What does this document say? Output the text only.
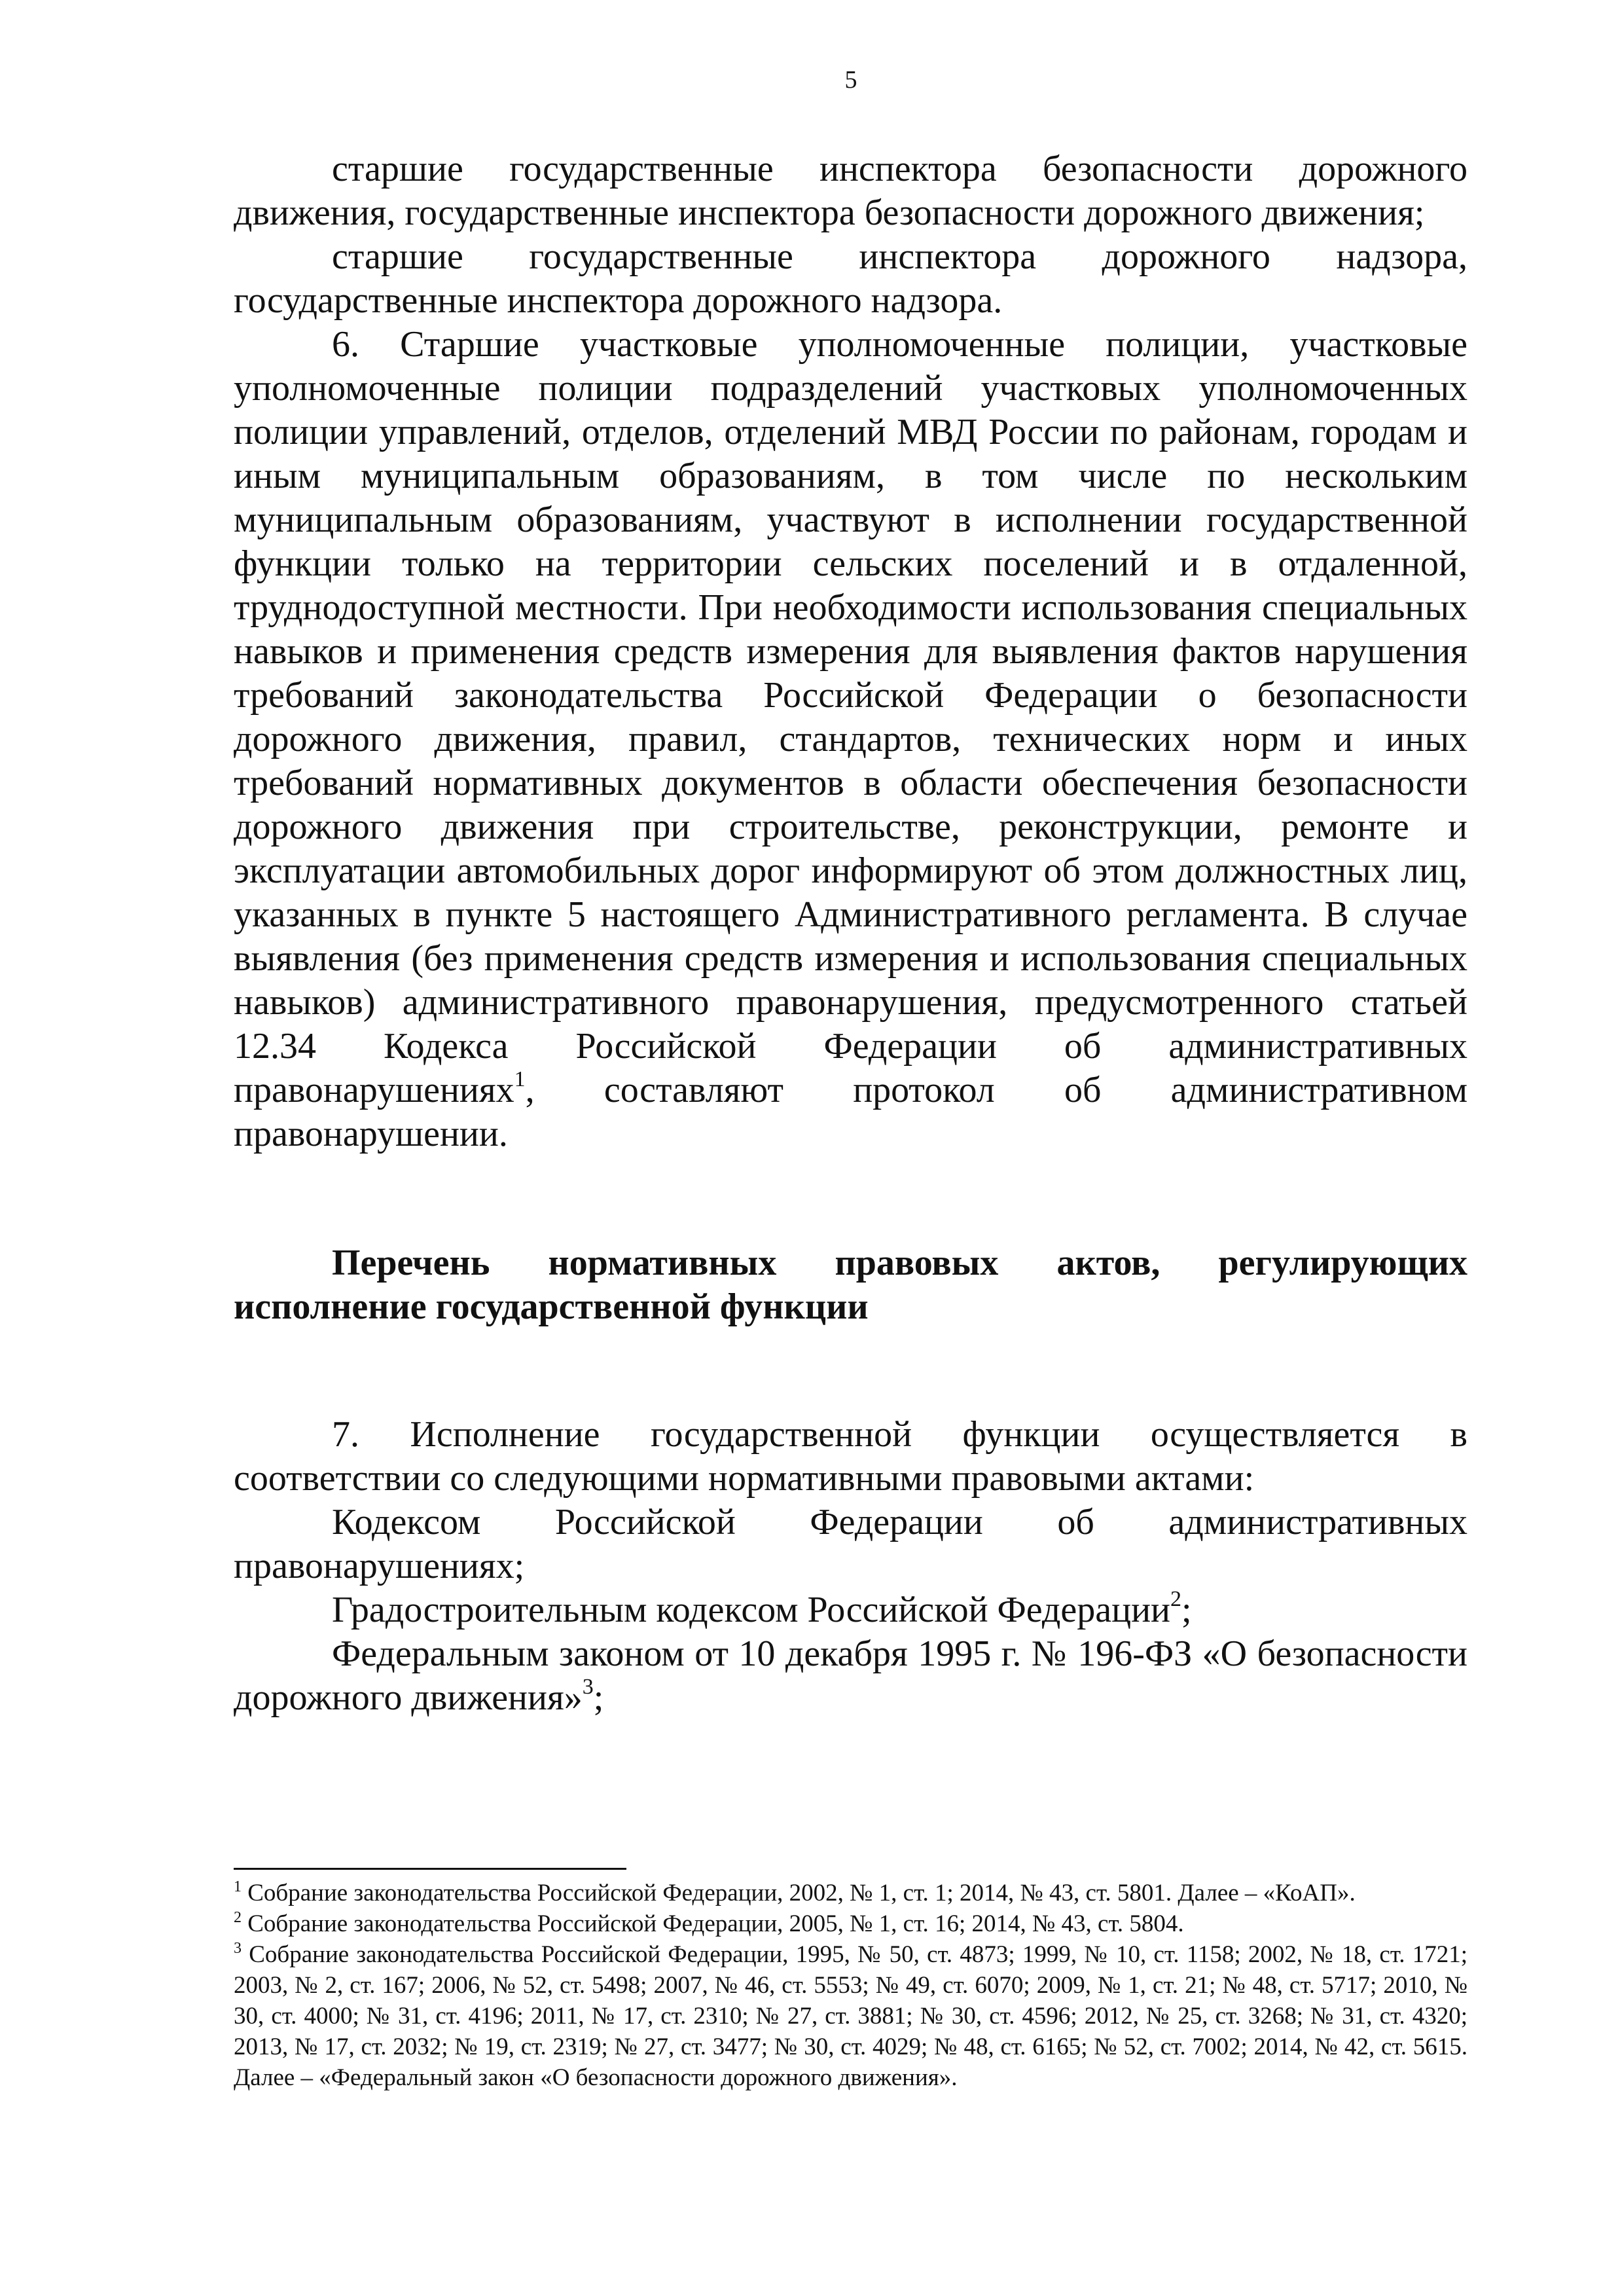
5

старшие государственные инспектора безопасности дорожного движения, государственные инспектора безопасности дорожного движения;

старшие государственные инспектора дорожного надзора, государственные инспектора дорожного надзора.

6. Старшие участковые уполномоченные полиции, участковые уполномоченные полиции подразделений участковых уполномоченных полиции управлений, отделов, отделений МВД России по районам, городам и иным муниципальным образованиям, в том числе по нескольким муниципальным образованиям, участвуют в исполнении государственной функции только на территории сельских поселений и в отдаленной, труднодоступной местности. При необходимости использования специальных навыков и применения средств измерения для выявления фактов нарушения требований законодательства Российской Федерации о безопасности дорожного движения, правил, стандартов, технических норм и иных требований нормативных документов в области обеспечения безопасности дорожного движения при строительстве, реконструкции, ремонте и эксплуатации автомобильных дорог информируют об этом должностных лиц, указанных в пункте 5 настоящего Административного регламента. В случае выявления (без применения средств измерения и использования специальных навыков) административного правонарушения, предусмотренного статьей 12.34 Кодекса Российской Федерации об административных правонарушениях$^1$, составляют протокол об административном правонарушении.

Перечень нормативных правовых актов, регулирующих исполнение государственной функции

7. Исполнение государственной функции осуществляется в соответствии со следующими нормативными правовыми актами:

Кодексом Российской Федерации об административных правонарушениях;

Градостроительным кодексом Российской Федерации$^2$;

Федеральным законом от 10 декабря 1995 г. № 196-ФЗ «О безопасности дорожного движения»$^3$;

$^1$ Собрание законодательства Российской Федерации, 2002, № 1, ст. 1; 2014, № 43, ст. 5801. Далее – «КоАП».

$^2$ Собрание законодательства Российской Федерации, 2005, № 1, ст. 16; 2014, № 43, ст. 5804.

$^3$ Собрание законодательства Российской Федерации, 1995, № 50, ст. 4873; 1999, № 10, ст. 1158; 2002, № 18, ст. 1721; 2003, № 2, ст. 167; 2006, № 52, ст. 5498; 2007, № 46, ст. 5553; № 49, ст. 6070; 2009, № 1, ст. 21; № 48, ст. 5717; 2010, № 30, ст. 4000; № 31, ст. 4196; 2011, № 17, ст. 2310; № 27, ст. 3881; № 30, ст. 4596; 2012, № 25, ст. 3268; № 31, ст. 4320; 2013, № 17, ст. 2032; № 19, ст. 2319; № 27, ст. 3477; № 30, ст. 4029; № 48, ст. 6165; № 52, ст. 7002; 2014, № 42, ст. 5615. Далее – «Федеральный закон «О безопасности дорожного движения».
